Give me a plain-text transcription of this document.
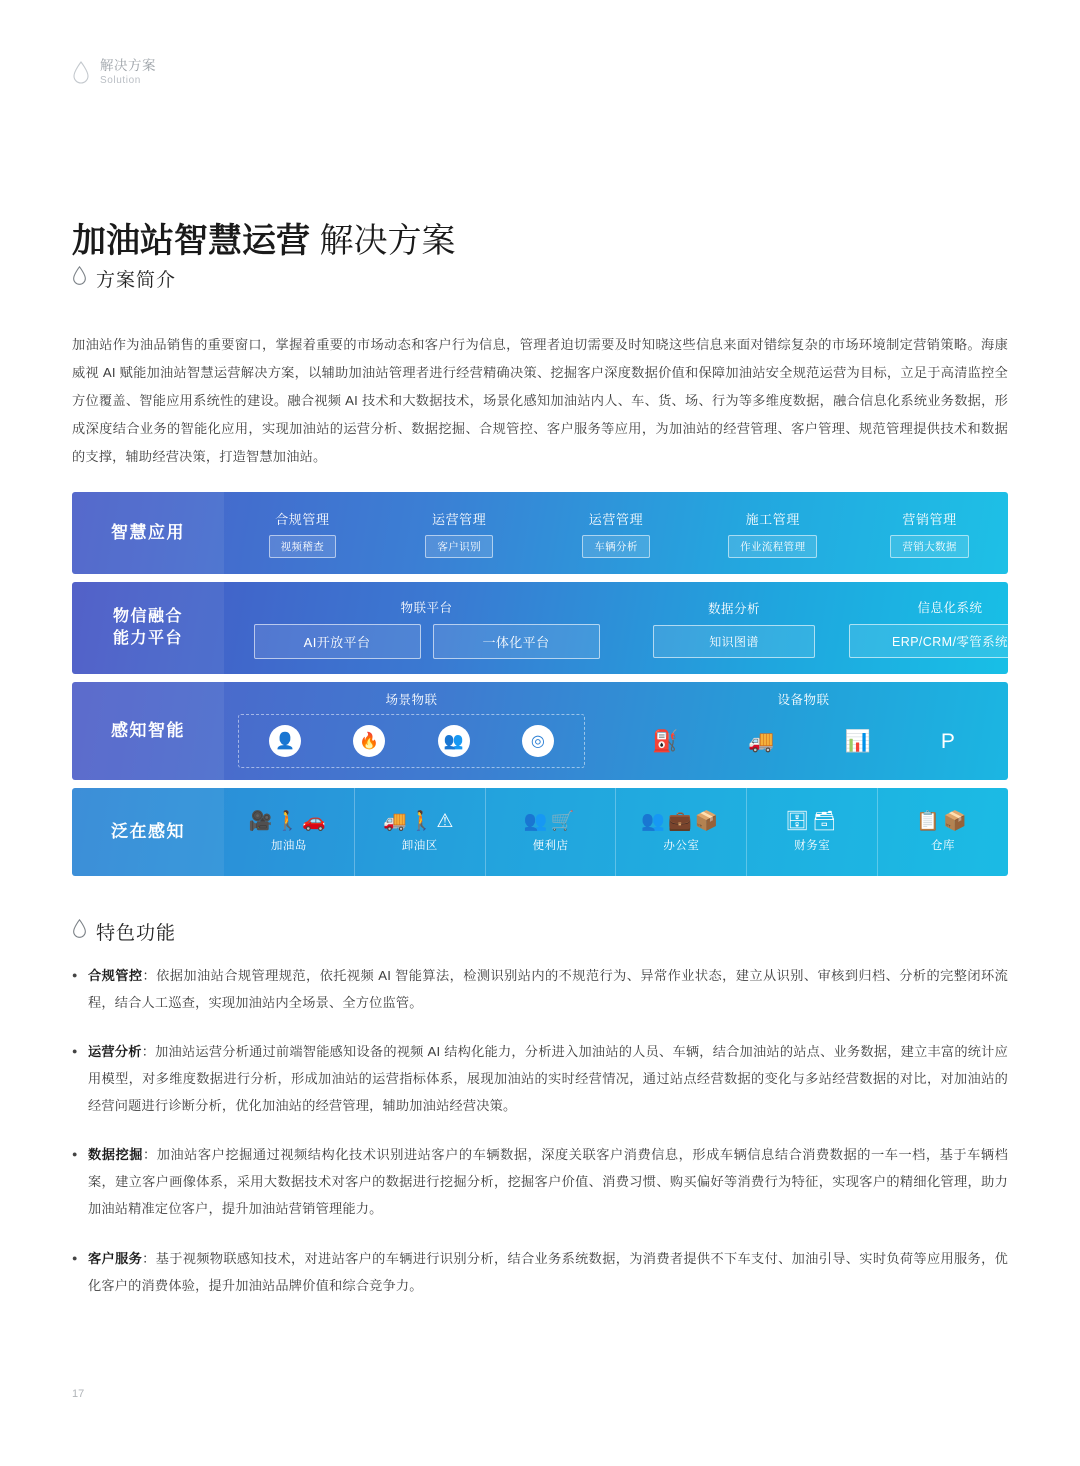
解决方案
Solution
加油站智慧运营 解决方案
方案简介

加油站作为油品销售的重要窗口，掌握着重要的市场动态和客户行为信息，管理者迫切需要及时知晓这些信息来面对错综复杂的市场环境制定营销策略。海康威视 AI 赋能加油站智慧运营解决方案，以辅助加油站管理者进行经营精确决策、挖掘客户深度数据价值和保障加油站安全规范运营为目标，立足于高清监控全方位覆盖、智能应用系统性的建设。融合视频 AI 技术和大数据技术，场景化感知加油站内人、车、货、场、行为等多维度数据，融合信息化系统业务数据，形成深度结合业务的智能化应用，实现加油站的运营分析、数据挖掘、合规管控、客户服务等应用，为加油站的经营管理、客户管理、规范管理提供技术和数据的支撑，辅助经营决策，打造智慧加油站。

智慧应用
合规管理
视频稽查
运营管理
客户识别
运营管理
车辆分析
施工管理
作业流程管理
营销管理
营销大数据
物信融合
能力平台
物联平台
AI开放平台	一体化平台
数据分析
知识图谱
信息化系统
ERP/CRM/零管系统
感知智能
场景物联
👤	🔥	👥	◎
设备物联
⛽	🚚	📊	P
泛在感知	🎥🚶🚗
加油岛
🚚🚶⚠
卸油区
👥🛒
便利店
👥💼📦
办公室
🗄🗃
财务室
📋📦
仓库
特色功能
● 合规管控：依据加油站合规管理规范，依托视频 AI 智能算法，检测识别站内的不规范行为、异常作业状态，建立从识别、审核到归档、分析的完整闭环流程，结合人工巡查，实现加油站内全场景、全方位监管。
● 运营分析：加油站运营分析通过前端智能感知设备的视频 AI 结构化能力，分析进入加油站的人员、车辆，结合加油站的站点、业务数据，建立丰富的统计应用模型，对多维度数据进行分析，形成加油站的运营指标体系，展现加油站的实时经营情况，通过站点经营数据的变化与多站经营数据的对比，对加油站的经营问题进行诊断分析，优化加油站的经营管理，辅助加油站经营决策。
● 数据挖掘：加油站客户挖掘通过视频结构化技术识别进站客户的车辆数据，深度关联客户消费信息，形成车辆信息结合消费数据的一车一档，基于车辆档案，建立客户画像体系，采用大数据技术对客户的数据进行挖掘分析，挖掘客户价值、消费习惯、购买偏好等消费行为特征，实现客户的精细化管理，助力加油站精准定位客户，提升加油站营销管理能力。
● 客户服务：基于视频物联感知技术，对进站客户的车辆进行识别分析，结合业务系统数据，为消费者提供不下车支付、加油引导、实时负荷等应用服务，优化客户的消费体验，提升加油站品牌价值和综合竞争力。
17
